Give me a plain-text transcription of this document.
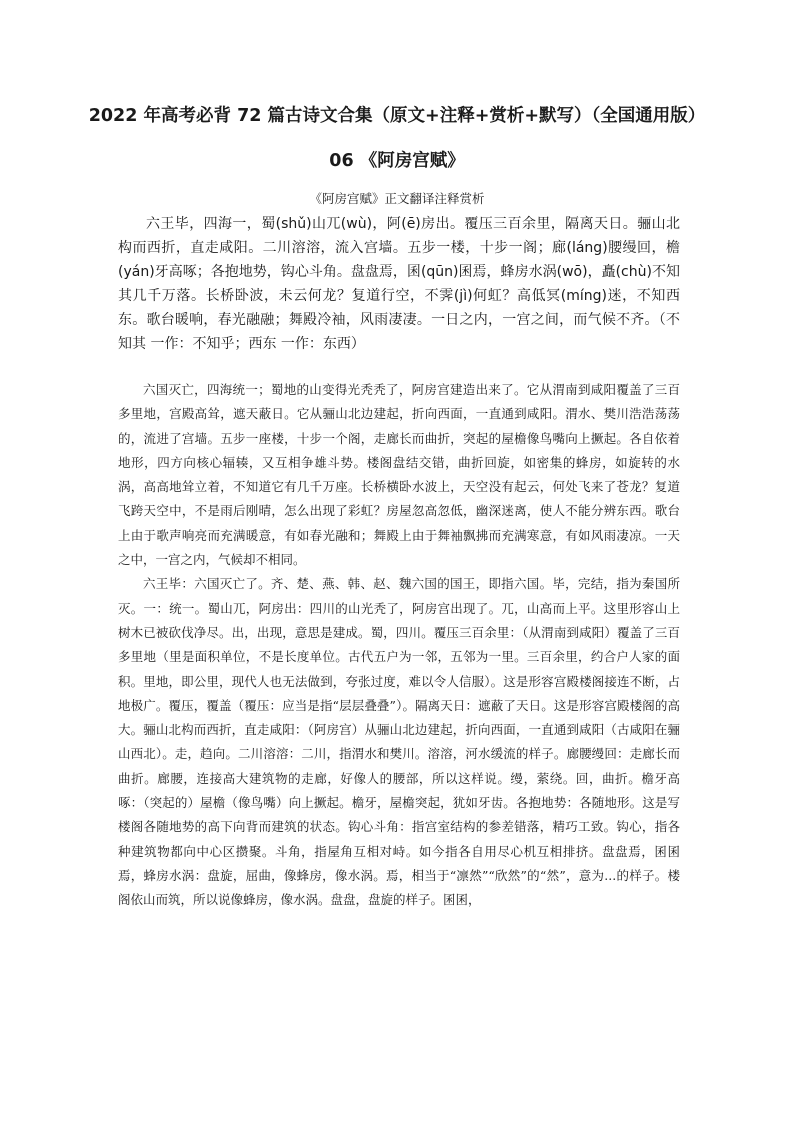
2022 年高考必背 72 篇古诗文合集（原文+注释+赏析+默写）（全国通用版）
06 《阿房宫赋》
《阿房宫赋》正文翻译注释赏析

六王毕，四海一，蜀(shǔ)山兀(wù)，阿(ē)房出。覆压三百余里，隔离天日。骊山北构而西折，直走咸阳。二川溶溶，流入宫墙。五步一楼，十步一阁；廊(láng)腰缦回，檐(yán)牙高啄；各抱地势，钩心斗角。盘盘焉，囷(qūn)囷焉，蜂房水涡(wō)，矗(chù)不知其几千万落。长桥卧波，未云何龙？复道行空，不霁(jì)何虹？高低冥(míng)迷，不知西东。歌台暖响，春光融融；舞殿冷袖，风雨凄凄。一日之内，一宫之间，而气候不齐。（不知其 一作：不知乎；西东 一作：东西）

六国灭亡，四海统一；蜀地的山变得光秃秃了，阿房宫建造出来了。它从渭南到咸阳覆盖了三百多里地，宫殿高耸，遮天蔽日。它从骊山北边建起，折向西面，一直通到咸阳。渭水、樊川浩浩荡荡的，流进了宫墙。五步一座楼，十步一个阁，走廊长而曲折，突起的屋檐像鸟嘴向上撅起。各自依着地形，四方向核心辐辏，又互相争雄斗势。楼阁盘结交错，曲折回旋，如密集的蜂房，如旋转的水涡，高高地耸立着，不知道它有几千万座。长桥横卧水波上，天空没有起云，何处飞来了苍龙？复道飞跨天空中，不是雨后刚晴，怎么出现了彩虹？房屋忽高忽低，幽深迷离，使人不能分辨东西。歌台上由于歌声响亮而充满暖意，有如春光融和；舞殿上由于舞袖飘拂而充满寒意，有如风雨凄凉。一天之中，一宫之内，气候却不相同。

六王毕：六国灭亡了。齐、楚、燕、韩、赵、魏六国的国王，即指六国。毕，完结，指为秦国所灭。一：统一。蜀山兀，阿房出：四川的山光秃了，阿房宫出现了。兀，山高而上平。这里形容山上树木已被砍伐净尽。出，出现，意思是建成。蜀，四川。覆压三百余里：（从渭南到咸阳）覆盖了三百多里地（里是面积单位，不是长度单位。古代五户为一邻，五邻为一里。三百余里，约合户人家的面积。里地，即公里，现代人也无法做到，夸张过度，难以令人信服）。这是形容宫殿楼阁接连不断，占地极广。覆压，覆盖（覆压：应当是指“层层叠叠”）。隔离天日：遮蔽了天日。这是形容宫殿楼阁的高大。骊山北构而西折，直走咸阳：（阿房宫）从骊山北边建起，折向西面，一直通到咸阳（古咸阳在骊山西北）。走，趋向。二川溶溶：二川，指渭水和樊川。溶溶，河水缓流的样子。廊腰缦回：走廊长而曲折。廊腰，连接高大建筑物的走廊，好像人的腰部，所以这样说。缦，萦绕。回，曲折。檐牙高啄：（突起的）屋檐（像鸟嘴）向上撅起。檐牙，屋檐突起，犹如牙齿。各抱地势：各随地形。这是写楼阁各随地势的高下向背而建筑的状态。钩心斗角：指宫室结构的参差错落，精巧工致。钩心，指各种建筑物都向中心区攒聚。斗角，指屋角互相对峙。如今指各自用尽心机互相排挤。盘盘焉，囷囷焉，蜂房水涡：盘旋，屈曲，像蜂房，像水涡。焉，相当于“凛然”“欣然”的“然”，意为...的样子。楼阁依山而筑，所以说像蜂房，像水涡。盘盘，盘旋的样子。囷囷，
